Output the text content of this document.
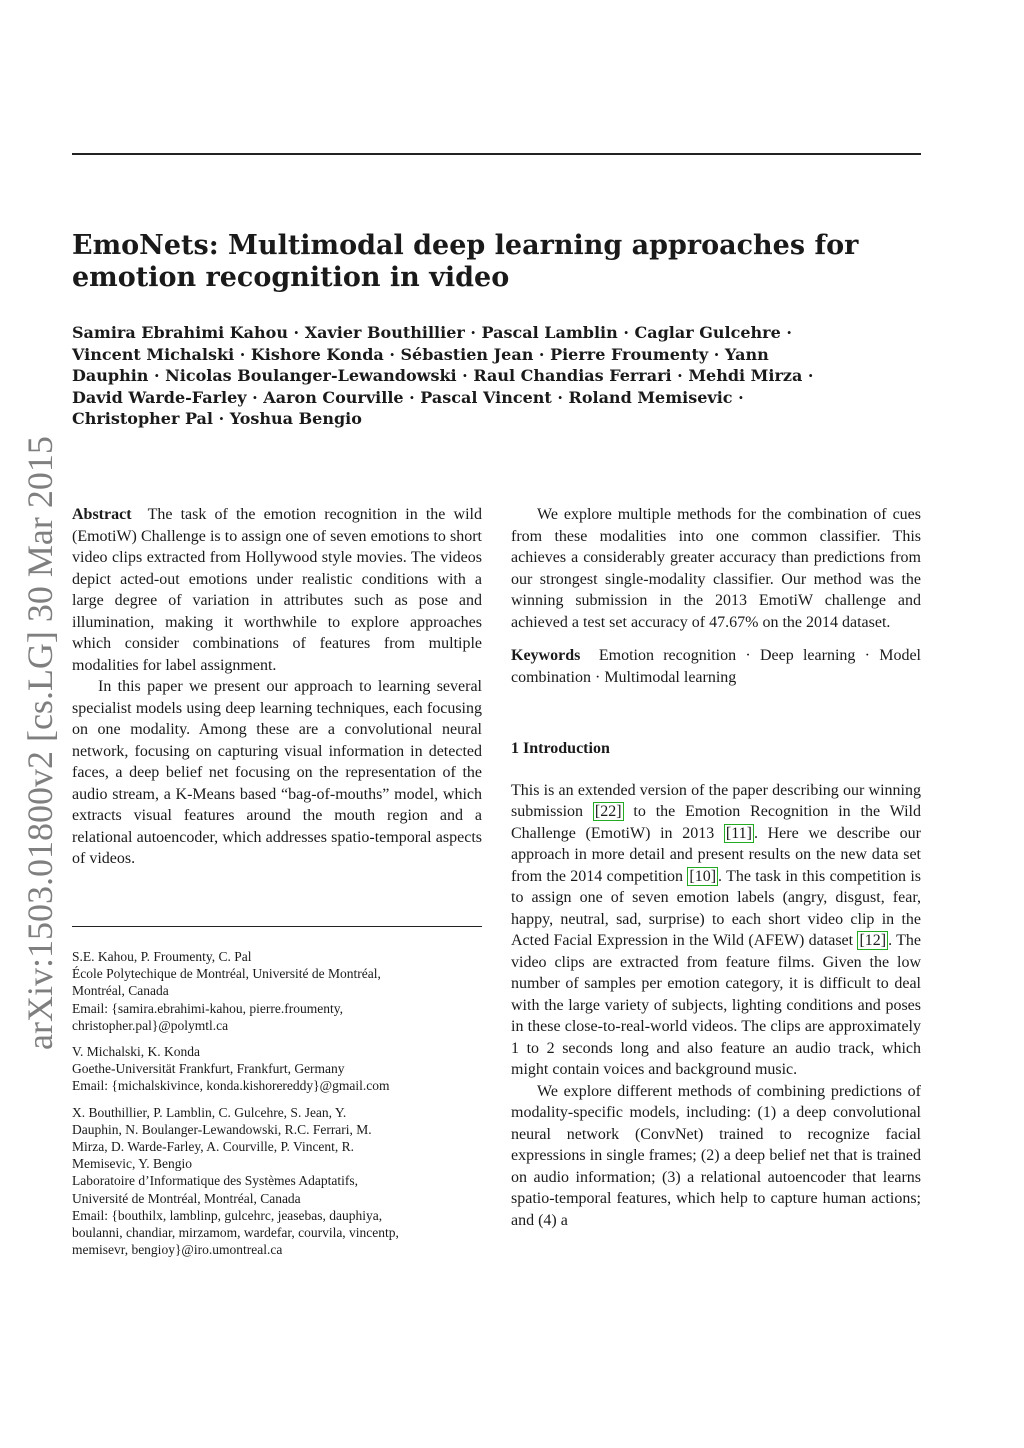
EmoNets: Multimodal deep learning approaches for emotion recognition in video
Samira Ebrahimi Kahou · Xavier Bouthillier · Pascal Lamblin · Caglar Gulcehre ·
Vincent Michalski · Kishore Konda · Sébastien Jean · Pierre Froumenty · Yann
Dauphin · Nicolas Boulanger-Lewandowski · Raul Chandias Ferrari · Mehdi Mirza ·
David Warde-Farley · Aaron Courville · Pascal Vincent · Roland Memisevic ·
Christopher Pal · Yoshua Bengio
arXiv:1503.01800v2 [cs.LG] 30 Mar 2015 Abstract The task of the emotion recognition in the wild (EmotiW) Challenge is to assign one of seven emotions to short video clips extracted from Hollywood style movies. The videos depict acted-out emotions under realistic conditions with a large degree of variation in attributes such as pose and illumination, making it worthwhile to explore approaches which consider combinations of features from multiple modalities for label assignment.

In this paper we present our approach to learning several specialist models using deep learning techniques, each focusing on one modality. Among these are a convolutional neural network, focusing on capturing visual information in detected faces, a deep belief net focusing on the representation of the audio stream, a K-Means based “bag-of-mouths” model, which extracts visual features around the mouth region and a relational autoencoder, which addresses spatio-temporal aspects of videos.

S.E. Kahou, P. Froumenty, C. Pal
École Polytechique de Montréal, Université de Montréal,
Montréal, Canada
Email: {samira.ebrahimi-kahou, pierre.froumenty,
christopher.pal}@polymtl.ca
V. Michalski, K. Konda
Goethe-Universität Frankfurt, Frankfurt, Germany
Email: {michalskivince, konda.kishorereddy}@gmail.com
X. Bouthillier, P. Lamblin, C. Gulcehre, S. Jean, Y.
Dauphin, N. Boulanger-Lewandowski, R.C. Ferrari, M.
Mirza, D. Warde-Farley, A. Courville, P. Vincent, R.
Memisevic, Y. Bengio
Laboratoire d’Informatique des Systèmes Adaptatifs,
Université de Montréal, Montréal, Canada
Email: {bouthilx, lamblinp, gulcehrc, jeasebas, dauphiya,
boulanni, chandiar, mirzamom, wardefar, courvila, vincentp,
memisevr, bengioy}@iro.umontreal.ca

We explore multiple methods for the combination of cues from these modalities into one common classifier. This achieves a considerably greater accuracy than predictions from our strongest single-modality classifier. Our method was the winning submission in the 2013 EmotiW challenge and achieved a test set accuracy of 47.67% on the 2014 dataset.

Keywords Emotion recognition · Deep learning · Model combination · Multimodal learning

1 Introduction

This is an extended version of the paper describing our winning submission [22] to the Emotion Recognition in the Wild Challenge (EmotiW) in 2013 [11] . Here we describe our approach in more detail and present results on the new data set from the 2014 competition [10] . The task in this competition is to assign one of seven emotion labels (angry, disgust, fear, happy, neutral, sad, surprise) to each short video clip in the Acted Facial Expression in the Wild (AFEW) dataset [12] . The video clips are extracted from feature films. Given the low number of samples per emotion category, it is difficult to deal with the large variety of subjects, lighting conditions and poses in these close-to-real-world videos. The clips are approximately 1 to 2 seconds long and also feature an audio track, which might contain voices and background music.

We explore different methods of combining predictions of modality-specific models, including: (1) a deep convolutional neural network (ConvNet) trained to recognize facial expressions in single frames; (2) a deep belief net that is trained on audio information; (3) a relational autoencoder that learns spatio-temporal features, which help to capture human actions; and (4) a
